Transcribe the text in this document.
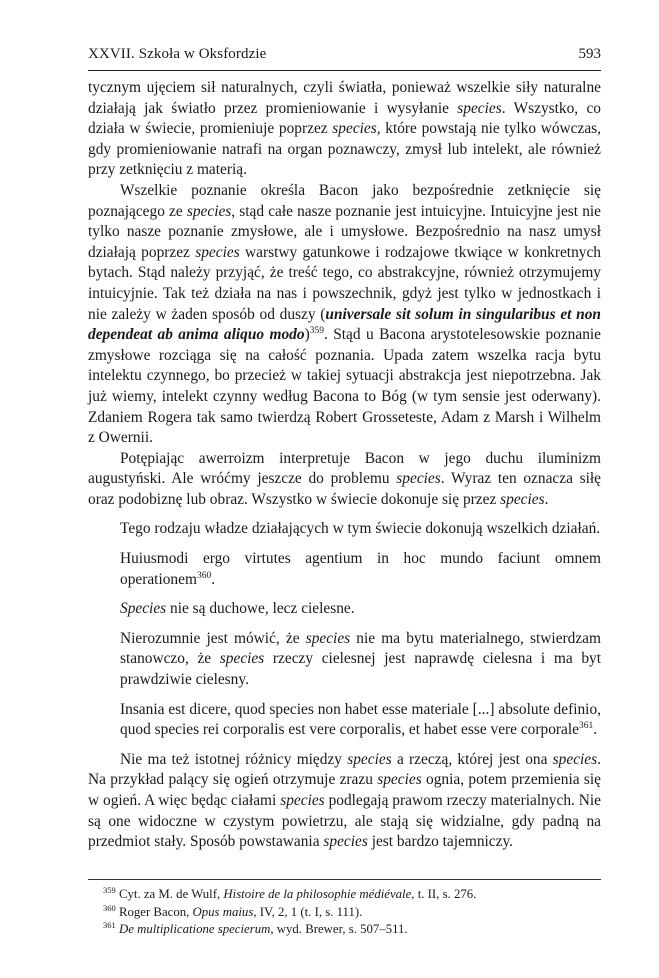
XXVII. Szkoła w Oksfordzie	593

tycznym ujęciem sił naturalnych, czyli światła, ponieważ wszelkie siły naturalne działają jak światło przez promieniowanie i wysyłanie species. Wszystko, co działa w świecie, promieniuje poprzez species, które powstają nie tylko wówczas, gdy promieniowanie natrafi na organ poznawczy, zmysł lub intelekt, ale również przy zetknięciu z materią.

Wszelkie poznanie określa Bacon jako bezpośrednie zetknięcie się poznającego ze species, stąd całe nasze poznanie jest intuicyjne. Intuicyjne jest nie tylko nasze poznanie zmysłowe, ale i umysłowe. Bezpośrednio na nasz umysł działają poprzez species warstwy gatunkowe i rodzajowe tkwiące w konkretnych bytach. Stąd należy przyjąć, że treść tego, co abstrakcyjne, również otrzymujemy intuicyjnie. Tak też działa na nas i powszechnik, gdyż jest tylko w jednostkach i nie zależy w żaden sposób od duszy (universale sit solum in singularibus et non dependeat ab anima aliquo modo)$^{359}$. Stąd u Bacona arystotelesowskie poznanie zmysłowe rozciąga się na całość poznania. Upada zatem wszelka racja bytu intelektu czynnego, bo przecież w takiej sytuacji abstrakcja jest niepotrzebna. Jak już wiemy, intelekt czynny według Bacona to Bóg (w tym sensie jest oderwany). Zdaniem Rogera tak samo twierdzą Robert Grosseteste, Adam z Marsh i Wilhelm z Owernii.

Potępiając awerroizm interpretuje Bacon w jego duchu iluminizm augustyński. Ale wróćmy jeszcze do problemu species. Wyraz ten oznacza siłę oraz podobiznę lub obraz. Wszystko w świecie dokonuje się przez species.

Tego rodzaju władze działających w tym świecie dokonują wszelkich działań.

Huiusmodi ergo virtutes agentium in hoc mundo faciunt omnem operationem$^{360}$.

Species nie są duchowe, lecz cielesne.

Nierozumnie jest mówić, że species nie ma bytu materialnego, stwierdzam stanowczo, że species rzeczy cielesnej jest naprawdę cielesna i ma byt prawdziwie cielesny.

Insania est dicere, quod species non habet esse materiale [...] absolute definio, quod species rei corporalis est vere corporalis, et habet esse vere corporale$^{361}$.

Nie ma też istotnej różnicy między species a rzeczą, której jest ona species. Na przykład palący się ogień otrzymuje zrazu species ognia, potem przemienia się w ogień. A więc będąc ciałami species podlegają prawom rzeczy materialnych. Nie są one widoczne w czystym powietrzu, ale stają się widzialne, gdy padną na przedmiot stały. Sposób powstawania species jest bardzo tajemniczy.

$^{359}$ Cyt. za M. de Wulf, Histoire de la philosophie médiévale, t. II, s. 276.

$^{360}$ Roger Bacon, Opus maius, IV, 2, 1 (t. I, s. 111).

$^{361}$ De multiplicatione specierum, wyd. Brewer, s. 507–511.
